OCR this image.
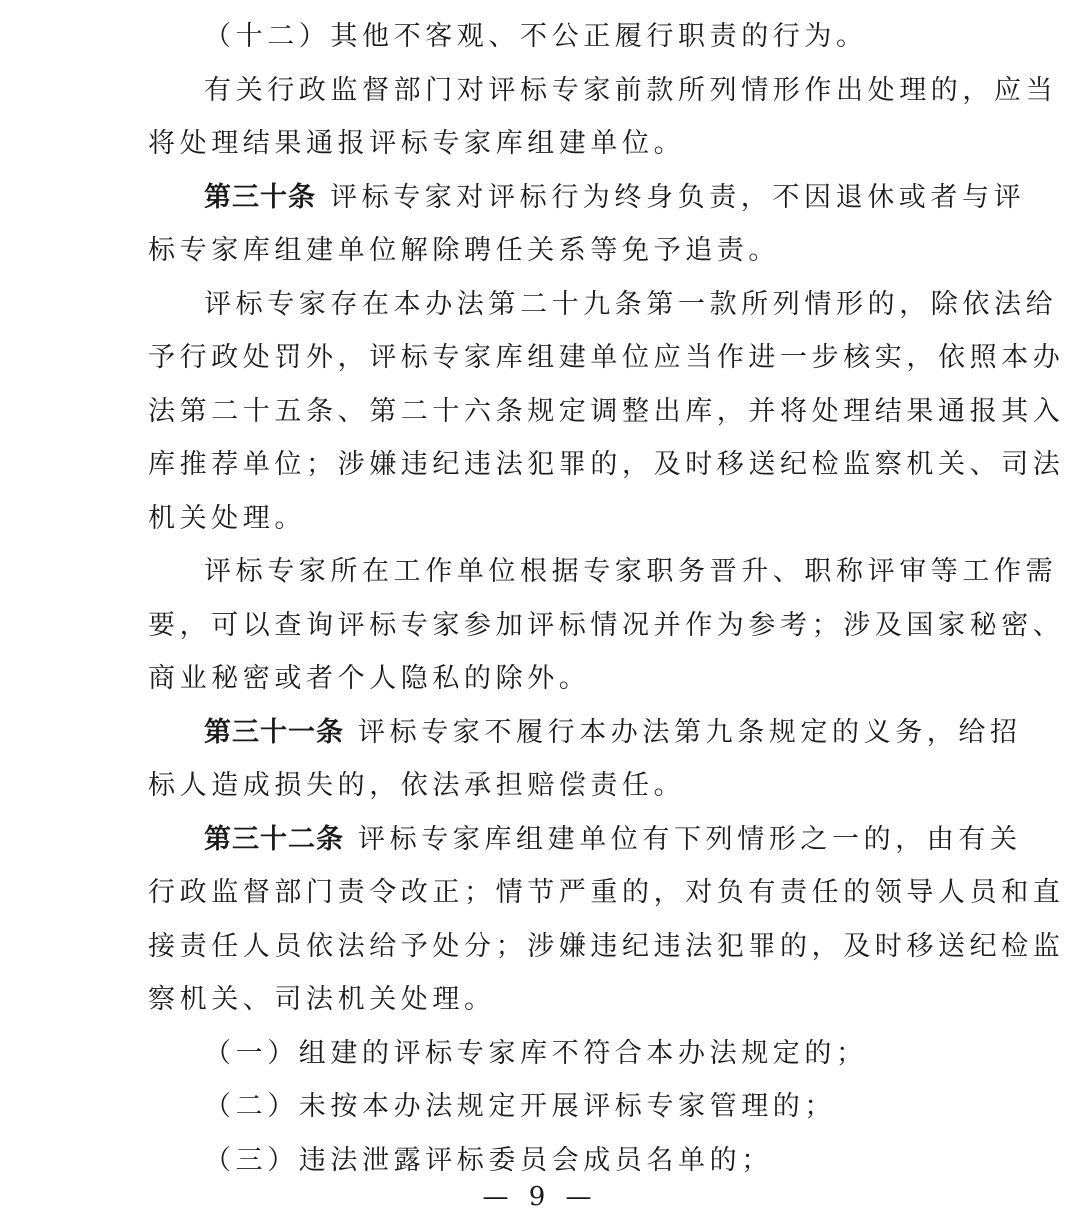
（十二）其他不客观、不公正履行职责的行为。
有关行政监督部门对评标专家前款所列情形作出处理的，应当
将处理结果通报评标专家库组建单位。
第三十条 评标专家对评标行为终身负责，不因退休或者与评
标专家库组建单位解除聘任关系等免予追责。
评标专家存在本办法第二十九条第一款所列情形的，除依法给
予行政处罚外，评标专家库组建单位应当作进一步核实，依照本办
法第二十五条、第二十六条规定调整出库，并将处理结果通报其入
库推荐单位；涉嫌违纪违法犯罪的，及时移送纪检监察机关、司法
机关处理。
评标专家所在工作单位根据专家职务晋升、职称评审等工作需
要，可以查询评标专家参加评标情况并作为参考；涉及国家秘密、
商业秘密或者个人隐私的除外。
第三十一条 评标专家不履行本办法第九条规定的义务，给招
标人造成损失的，依法承担赔偿责任。
第三十二条 评标专家库组建单位有下列情形之一的，由有关
行政监督部门责令改正；情节严重的，对负有责任的领导人员和直
接责任人员依法给予处分；涉嫌违纪违法犯罪的，及时移送纪检监
察机关、司法机关处理。
（一）组建的评标专家库不符合本办法规定的；
（二）未按本办法规定开展评标专家管理的；
（三）违法泄露评标委员会成员名单的；
— 9 —
